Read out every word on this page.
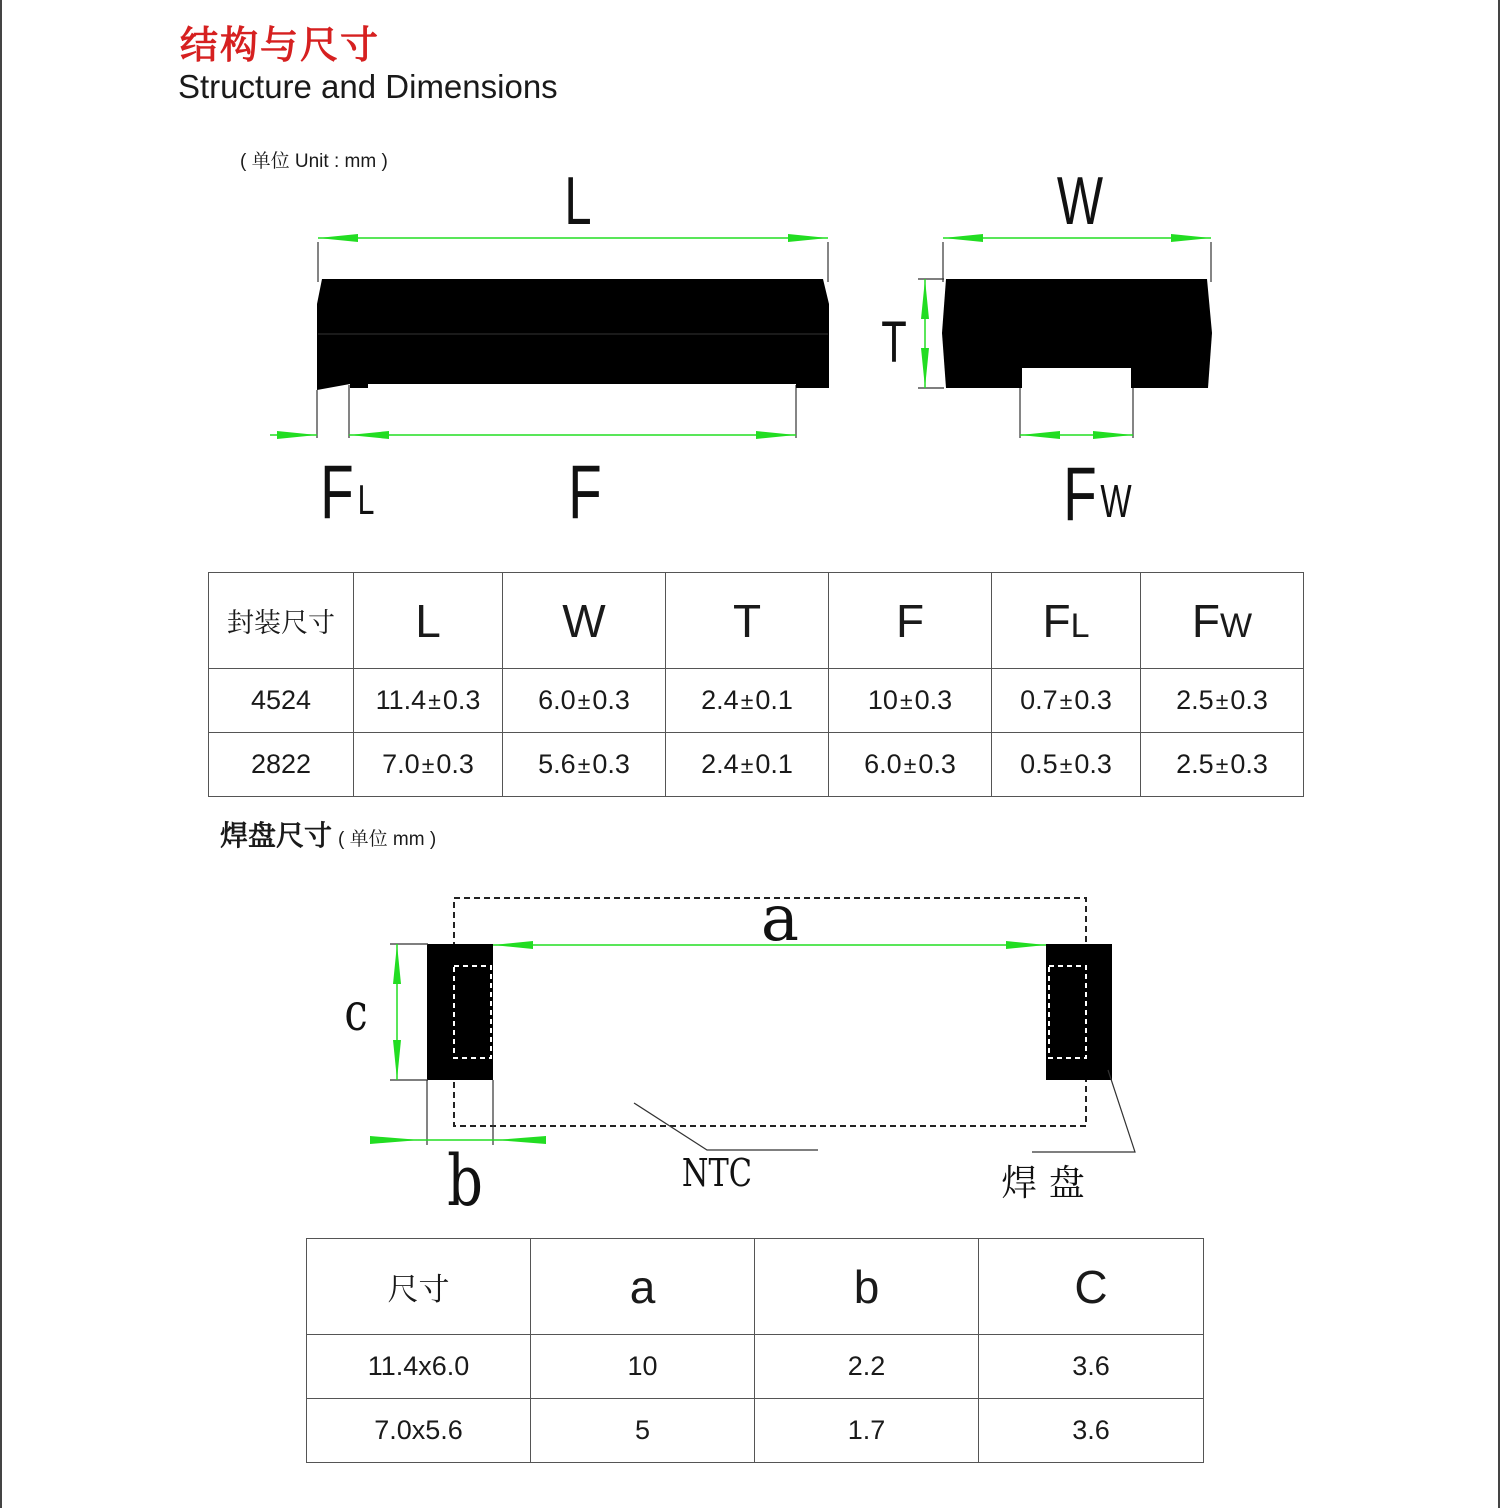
结构与尺寸
Structure and Dimensions
( 单位 Unit : mm )
L	W
T
F
F L	F W
封装尺寸	L	W	T	F	FL	FW
4524	11.4±0.3	6.0±0.3	2.4±0.1	10±0.3	0.7±0.3	2.5±0.3
2822	7.0±0.3	5.6±0.3	2.4±0.1	6.0±0.3	0.5±0.3	2.5±0.3
焊盘尺寸 ( 单位 mm )
a
c
b	NTC	焊 盘
尺寸	a	b	C
11.4x6.0	10	2.2	3.6
7.0x5.6	5	1.7	3.6
